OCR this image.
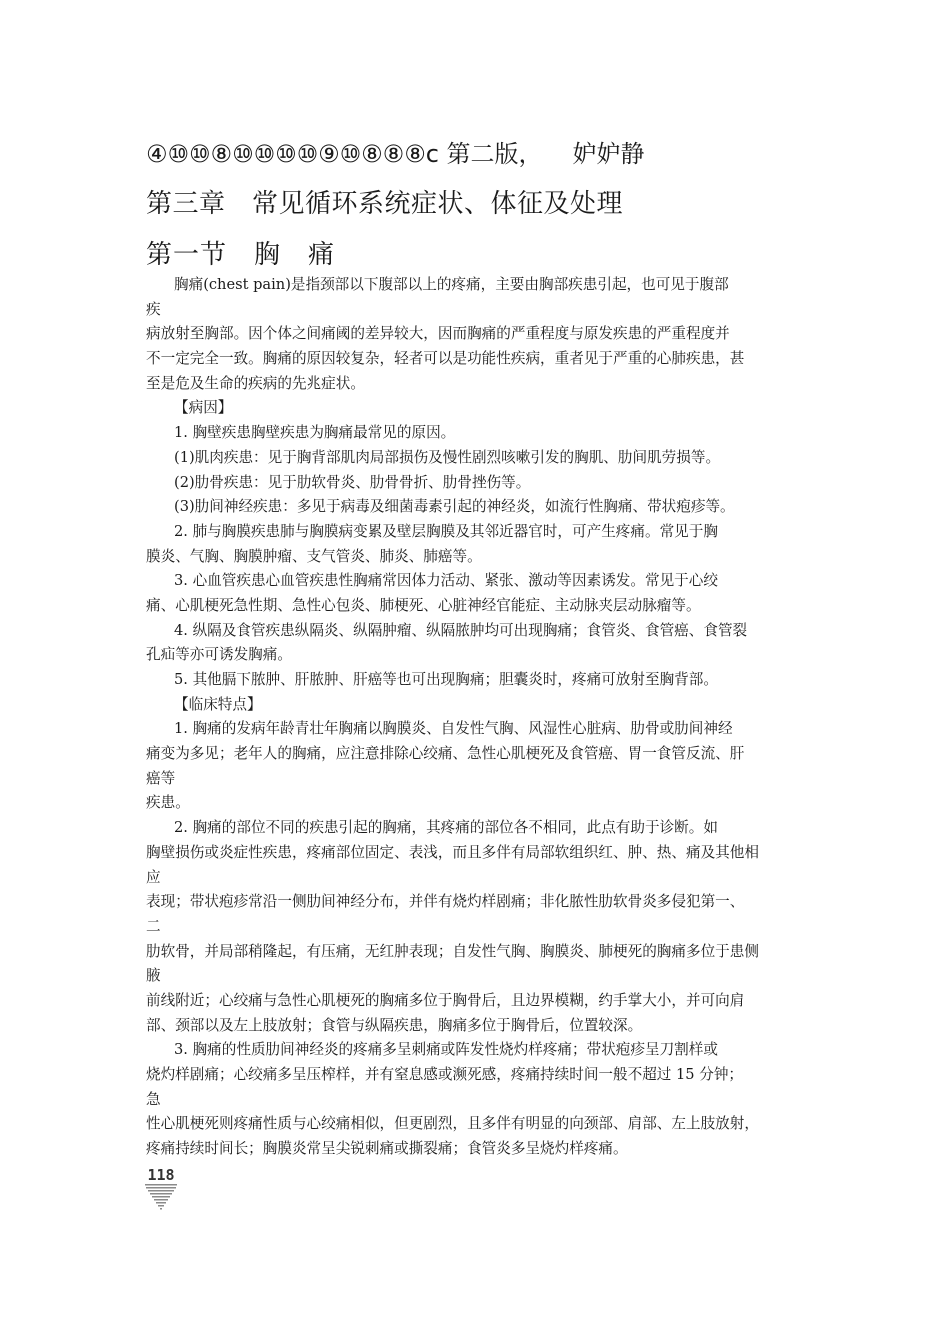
④⑩⑩⑧⑩⑩⑩⑩⑨⑩⑧⑧⑧c 第二版， 妒妒静
第三章　常见循环系统症状、体征及处理
第一节　胸　痛
胸痛(chest pain)是指颈部以下腹部以上的疼痛，主要由胸部疾患引起，也可见于腹部
疾
病放射至胸部。因个体之间痛阈的差异较大，因而胸痛的严重程度与原发疾患的严重程度并
不一定完全一致。胸痛的原因较复杂，轻者可以是功能性疾病，重者见于严重的心肺疾患，甚
至是危及生命的疾病的先兆症状。
【病因】
1. 胸壁疾患胸壁疾患为胸痛最常见的原因。
(1)肌肉疾患：见于胸背部肌肉局部损伤及慢性剧烈咳嗽引发的胸肌、肋间肌劳损等。
(2)肋骨疾患：见于肋软骨炎、肋骨骨折、肋骨挫伤等。
(3)肋间神经疾患：多见于病毒及细菌毒素引起的神经炎，如流行性胸痛、带状疱疹等。
2. 肺与胸膜疾患肺与胸膜病变累及壁层胸膜及其邻近器官时，可产生疼痛。常见于胸
膜炎、气胸、胸膜肿瘤、支气管炎、肺炎、肺癌等。
3. 心血管疾患心血管疾患性胸痛常因体力活动、紧张、激动等因素诱发。常见于心绞
痛、心肌梗死急性期、急性心包炎、肺梗死、心脏神经官能症、主动脉夹层动脉瘤等。
4. 纵隔及食管疾患纵隔炎、纵隔肿瘤、纵隔脓肿均可出现胸痛；食管炎、食管癌、食管裂
孔疝等亦可诱发胸痛。
5. 其他膈下脓肿、肝脓肿、肝癌等也可出现胸痛；胆囊炎时，疼痛可放射至胸背部。
【临床特点】
1. 胸痛的发病年龄青壮年胸痛以胸膜炎、自发性气胸、风湿性心脏病、肋骨或肋间神经
痛变为多见；老年人的胸痛，应注意排除心绞痛、急性心肌梗死及食管癌、胃一食管反流、肝
癌等
疾患。
2. 胸痛的部位不同的疾患引起的胸痛，其疼痛的部位各不相同，此点有助于诊断。如
胸壁损伤或炎症性疾患，疼痛部位固定、表浅，而且多伴有局部软组织红、肿、热、痛及其他相
应
表现；带状疱疹常沿一侧肋间神经分布，并伴有烧灼样剧痛；非化脓性肋软骨炎多侵犯第一、
二
肋软骨，并局部稍隆起，有压痛，无红肿表现；自发性气胸、胸膜炎、肺梗死的胸痛多位于患侧
腋
前线附近；心绞痛与急性心肌梗死的胸痛多位于胸骨后，且边界模糊，约手掌大小，并可向肩
部、颈部以及左上肢放射；食管与纵隔疾患，胸痛多位于胸骨后，位置较深。
3. 胸痛的性质肋间神经炎的疼痛多呈刺痛或阵发性烧灼样疼痛；带状疱疹呈刀割样或
烧灼样剧痛；心绞痛多呈压榨样，并有窒息感或濒死感，疼痛持续时间一般不超过 15 分钟；
急
性心肌梗死则疼痛性质与心绞痛相似，但更剧烈，且多伴有明显的向颈部、肩部、左上肢放射，
疼痛持续时间长；胸膜炎常呈尖锐刺痛或撕裂痛；食管炎多呈烧灼样疼痛。
118
